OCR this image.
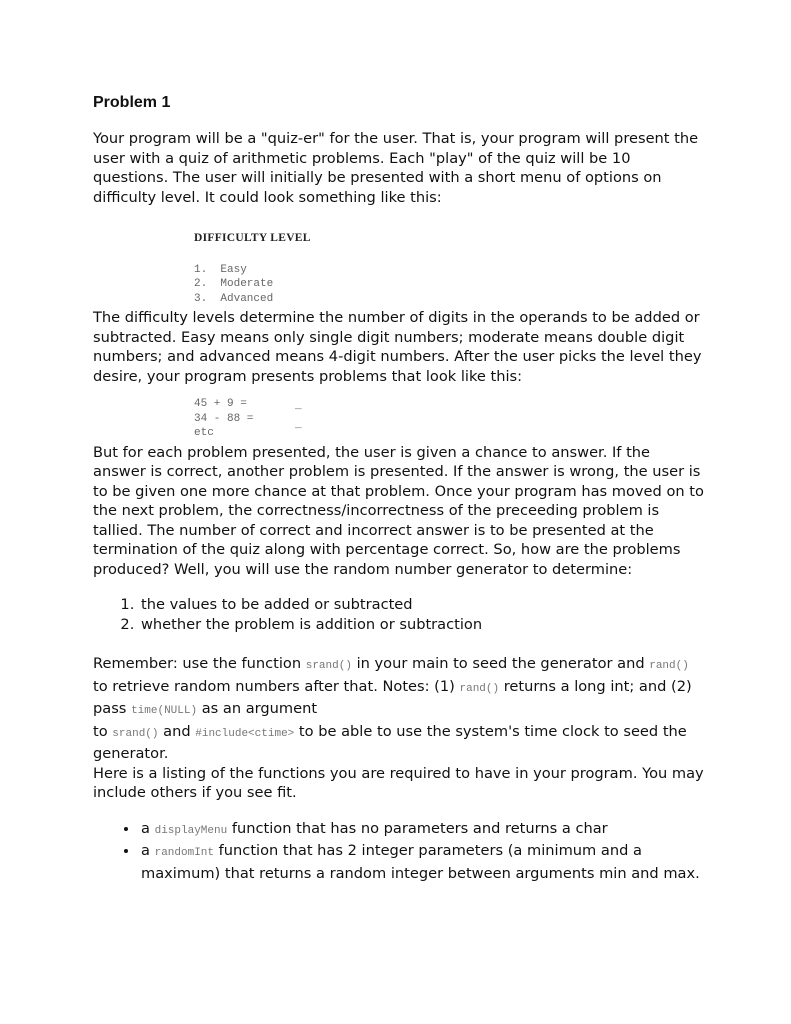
Problem 1

Your program will be a "quiz-er" for the user. That is, your program will present the user with a quiz of arithmetic problems. Each "play" of the quiz will be 10 questions. The user will initially be presented with a short menu of options on difficulty level. It could look something like this:

DIFFICULTY LEVEL
1.  Easy
2.  Moderate
3.  Advanced

The difficulty levels determine the number of digits in the operands to be added or subtracted. Easy means only single digit numbers; moderate means double digit numbers; and advanced means 4-digit numbers. After the user picks the level they desire, your program presents problems that look like this:

45 + 9 =	_
34 - 88 =	_
etc

But for each problem presented, the user is given a chance to answer. If the answer is correct, another problem is presented. If the answer is wrong, the user is to be given one more chance at that problem. Once your program has moved on to the next problem, the correctness/incorrectness of the preceeding problem is tallied. The number of correct and incorrect answer is to be presented at the termination of the quiz along with percentage correct. So, how are the problems produced? Well, you will use the random number generator to determine:

1. the values to be added or subtracted
2. whether the problem is addition or subtraction

Remember: use the function srand() in your main to seed the generator and rand() to retrieve random numbers after that. Notes: (1) rand() returns a long int; and (2) pass time(NULL) as an argument
to srand() and #include<ctime> to be able to use the system's time clock to seed the generator.

Here is a listing of the functions you are required to have in your program. You may include others if you see fit.

• a displayMenu function that has no parameters and returns a char
• a randomInt function that has 2 integer parameters (a minimum and a maximum) that returns a random integer between arguments min and max.
